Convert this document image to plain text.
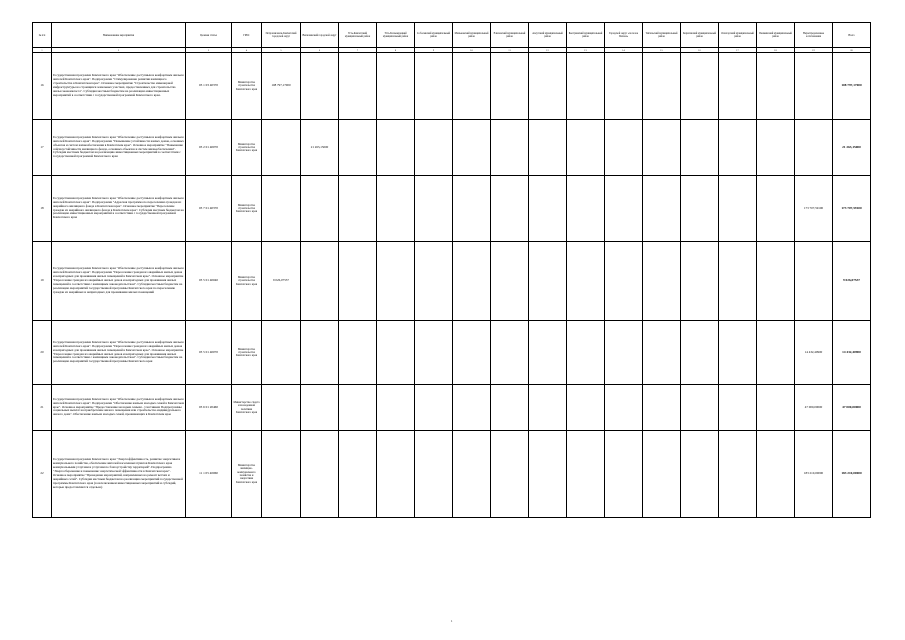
№ п/п	Наименование мероприятия	Целевая статья	ГРБС	Петропавловск-Камчатский городской округ	Вилючинский городской округ	Усть-Камчатский муниципальный район	Усть-Большерецкий муниципальный район	Соболевский муниципальный район	Мильковский муниципальный район	Елизовский муниципальный район	Алеутский муниципальный район	Быстринский муниципальный район	Городской округ «поселок Палана»	Тигильский муниципальный район	Карагинский муниципальный район	Олюторский муниципальный район	Пенжинский муниципальный район	Нераспределенные ассигнования	Всего
1	2	3	4	5	6	7	8	9	10	11	12	13	14	15	16	17	18	19	20
16	Государственная программа Камчатского края "Обеспечение доступным и комфортным жильем жителей Камчатского края". Подпрограмма "Стимулирование развития жилищного строительства в Камчатском крае". Основное мероприятие "Строительство инженерной инфраструктуры на строящихся земельных участках, предоставленных для строительства жилья экономкласса". Субсидия местным бюджетам на реализацию инвестиционных мероприятий в соответствии с государственной программой Камчатского края.	03 1 03 40370	Министерство строительства Камчатского края	108 797,17000															108 797,17000
17	Государственная программа Камчатского края "Обеспечение доступным и комфортным жильем жителей Камчатского края". Подпрограмма "Повышение устойчивости жилых домов, основных объектов и систем жизнеобеспечения в Камчатском крае". Основное мероприятие "Повышение сейсмоустойчивости жилищного фонда, основных объектов и систем жизнеобеспечения". Субсидия местным бюджетам на реализацию инвестиционных мероприятий в соответствии с государственной программой Камчатского края	03 2 01 40070	Министерство строительства Камчатского края		21 263,15000														21 263,15000
18	Государственная программа Камчатского края "Обеспечение доступным и комфортным жильем жителей Камчатского края". Подпрограмма "Адресная программа по переселению граждан из аварийного жилищного фонда в Камчатском крае". Основное мероприятие "Переселение граждан из аварийного жилищного фонда в Камчатском крае". Субсидия местным бюджетам на реализацию инвестиционных мероприятий в соответствии с государственной программой Камчатского края	03 7 01 40370	Министерство строительства Камчатского края															173 707,59100	173 707,59100
19	Государственная программа Камчатского края "Обеспечение доступным и комфортным жильем жителей Камчатского края". Подпрограмма "Переселение граждан из аварийных жилых домов и непригодных для проживания жилых помещений в Камчатском крае". Основное мероприятие "Переселение граждан из аварийных жилых домов и непригодных для проживания жилых помещений в соответствии с жилищным законодательством". Субсидия местным бюджетам на реализацию мероприятий государственной программы Камчатского края по переселению граждан из аварийных и непригодных для проживания жилых помещений	03 5 01 40040	Министерство строительства Камчатского края	9 026,07537															9 026,07537
20	Государственная программа Камчатского края "Обеспечение доступным и комфортным жильем жителей Камчатского края". Подпрограмма "Переселение граждан из аварийных жилых домов и непригодных для проживания жилых помещений в Камчатском крае". Основное мероприятие "Переселение граждан из аварийных жилых домов и непригодных для проживания жилых помещений в соответствии с жилищным законодательством". Субсидия местным бюджетам на реализацию мероприятий государственной программы Камчатского края	03 5 01 40070	Министерство строительства Камчатского края															14 432,40900	14 432,40900
21	Государственная программа Камчатского края "Обеспечение доступным и комфортным жильем жителей Камчатского края". Подпрограмма "Обеспечение жильем молодых семей в Камчатском крае". Основное мероприятие "Предоставление молодым семьям - участникам Подпрограммы социальных выплат на приобретение жилого помещения или строительство индивидуального жилого дома". Обеспечение жильем молодых семей, проживающих в Камчатском крае	03 6 01 20460	Министерство спорта и молодежной политики Камчатского края															47 000,00000	47 000,00000
22	Государственная программа Камчатского края "Энергоэффективность, развитие энергетики и коммунального хозяйства, обеспечение жителей населенных пунктов Камчатского края коммунальными услугами и услугами по благоустройству территорий". Подпрограмма "Энергосбережение и повышение энергетической эффективности в Камчатском крае". Основное мероприятие "Проведение мероприятий, направленных на ремонт ветхих и аварийных сетей". Субсидия местным бюджетам на реализацию мероприятий государственной программы Камчатского края (за исключением инвестиционных мероприятий и субсидий, которые предоставляются отдельно)	11 1 05 40060	Министерство жилищно-коммунального хозяйства и энергетики Камчатского края															183 210,00000	183 210,00000
1
